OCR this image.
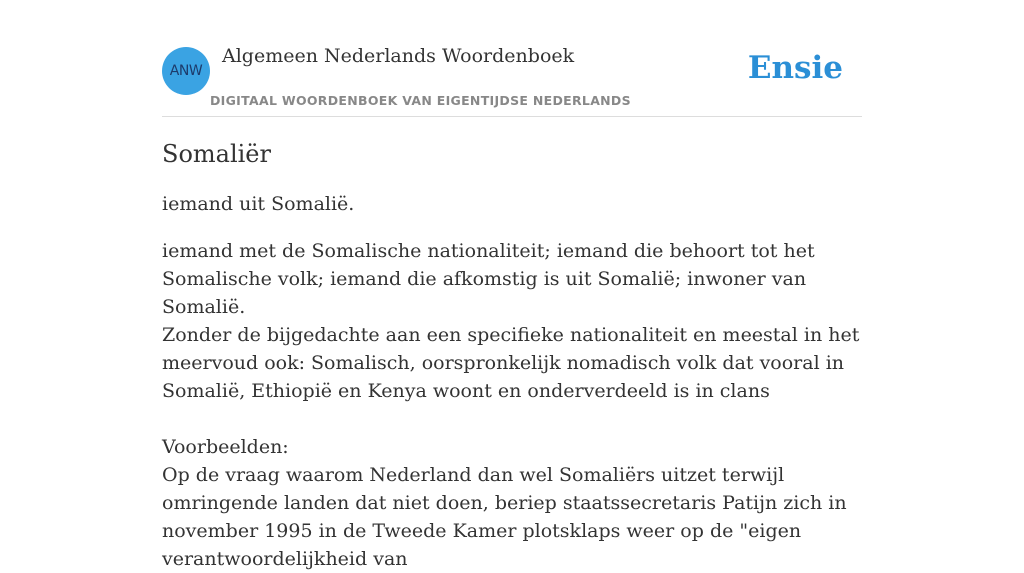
ANW
Algemeen Nederlands Woordenboek
DIGITAAL WOORDENBOEK VAN EIGENTIJDSE NEDERLANDS
Ensie
Somaliër
iemand uit Somalië.

iemand met de Somalische nationaliteit; iemand die behoort tot het Somalische volk; iemand die afkomstig is uit Somalië; inwoner van Somalië.

Zonder de bijgedachte aan een specifieke nationaliteit en meestal in het meervoud ook: Somalisch, oorspronkelijk nomadisch volk dat vooral in Somalië, Ethiopië en Kenya woont en onderverdeeld is in clans

Voorbeelden:

Op de vraag waarom Nederland dan wel Somaliërs uitzet terwijl omringende landen dat niet doen, beriep staatssecretaris Patijn zich in november 1995 in de Tweede Kamer plotsklaps weer op de "eigen verantwoordelijkheid van
